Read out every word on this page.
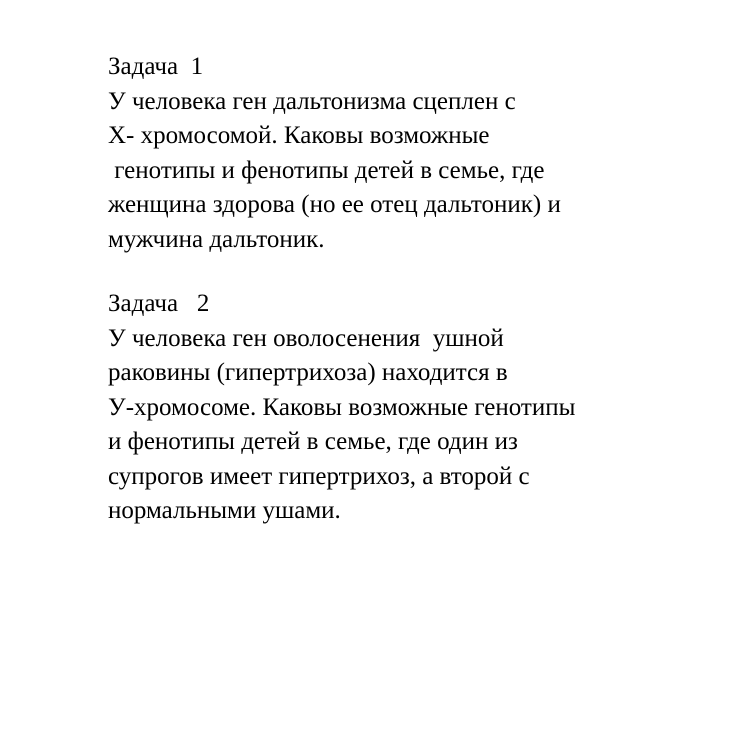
Задача  1
У человека ген дальтонизма сцеплен с
Х- хромосомой. Каковы возможные
генотипы и фенотипы детей в семье, где
женщина здорова (но ее отец дальтоник) и
мужчина дальтоник.
Задача   2
У человека ген оволосенения  ушной
раковины (гипертрихоза) находится в
У-хромосоме. Каковы возможные генотипы
и фенотипы детей в семье, где один из
супрогов имеет гипертрихоз, а второй с
нормальными ушами.
